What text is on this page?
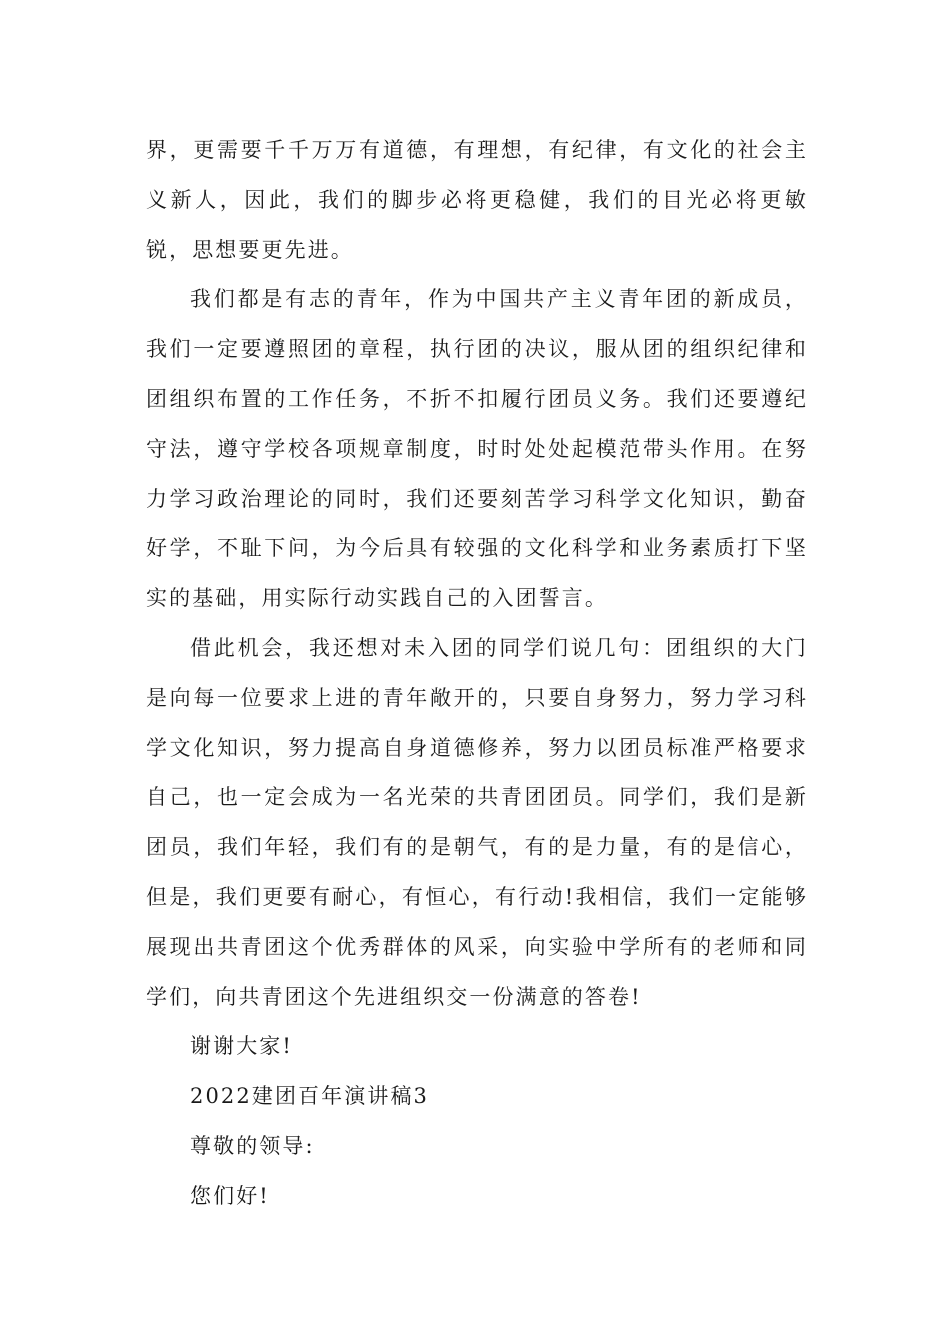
界，更需要千千万万有道德，有理想，有纪律，有文化的社会主义新人，因此，我们的脚步必将更稳健，我们的目光必将更敏锐，思想要更先进。

我们都是有志的青年，作为中国共产主义青年团的新成员，我们一定要遵照团的章程，执行团的决议，服从团的组织纪律和团组织布置的工作任务，不折不扣履行团员义务。我们还要遵纪守法，遵守学校各项规章制度，时时处处起模范带头作用。在努力学习政治理论的同时，我们还要刻苦学习科学文化知识，勤奋好学，不耻下问，为今后具有较强的文化科学和业务素质打下坚实的基础，用实际行动实践自己的入团誓言。

借此机会，我还想对未入团的同学们说几句：团组织的大门是向每一位要求上进的青年敞开的，只要自身努力，努力学习科学文化知识，努力提高自身道德修养，努力以团员标准严格要求自己，也一定会成为一名光荣的共青团团员。同学们，我们是新团员，我们年轻，我们有的是朝气，有的是力量，有的是信心，但是，我们更要有耐心，有恒心，有行动!我相信，我们一定能够展现出共青团这个优秀群体的风采，向实验中学所有的老师和同学们，向共青团这个先进组织交一份满意的答卷!

谢谢大家!

2022建团百年演讲稿3

尊敬的领导:

您们好!
